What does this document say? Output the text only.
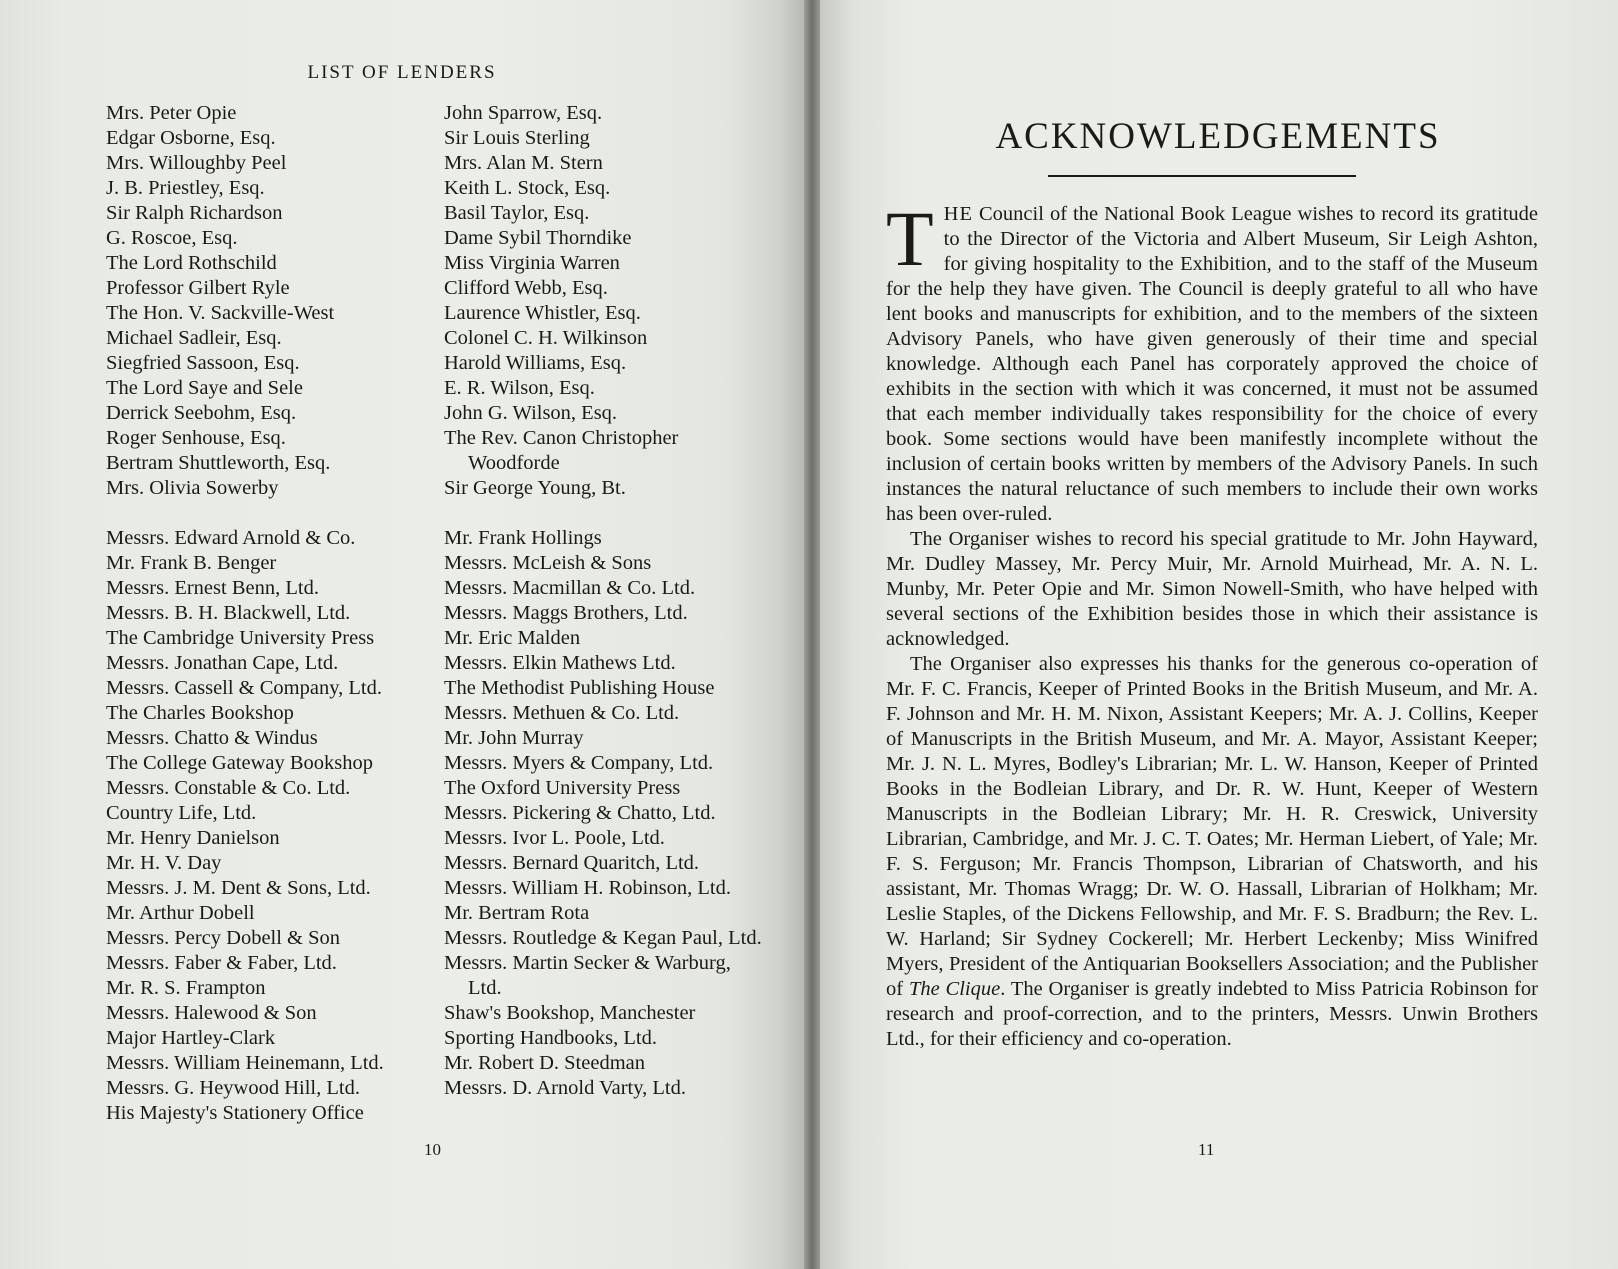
LIST OF LENDERS
Mrs. Peter Opie
Edgar Osborne, Esq.
Mrs. Willoughby Peel
J. B. Priestley, Esq.
Sir Ralph Richardson
G. Roscoe, Esq.
The Lord Rothschild
Professor Gilbert Ryle
The Hon. V. Sackville-West
Michael Sadleir, Esq.
Siegfried Sassoon, Esq.
The Lord Saye and Sele
Derrick Seebohm, Esq.
Roger Senhouse, Esq.
Bertram Shuttleworth, Esq.
Mrs. Olivia Sowerby
Messrs. Edward Arnold & Co.
Mr. Frank B. Benger
Messrs. Ernest Benn, Ltd.
Messrs. B. H. Blackwell, Ltd.
The Cambridge University Press
Messrs. Jonathan Cape, Ltd.
Messrs. Cassell & Company, Ltd.
The Charles Bookshop
Messrs. Chatto & Windus
The College Gateway Bookshop
Messrs. Constable & Co. Ltd.
Country Life, Ltd.
Mr. Henry Danielson
Mr. H. V. Day
Messrs. J. M. Dent & Sons, Ltd.
Mr. Arthur Dobell
Messrs. Percy Dobell & Son
Messrs. Faber & Faber, Ltd.
Mr. R. S. Frampton
Messrs. Halewood & Son
Major Hartley-Clark
Messrs. William Heinemann, Ltd.
Messrs. G. Heywood Hill, Ltd.
His Majesty's Stationery Office
John Sparrow, Esq.
Sir Louis Sterling
Mrs. Alan M. Stern
Keith L. Stock, Esq.
Basil Taylor, Esq.
Dame Sybil Thorndike
Miss Virginia Warren
Clifford Webb, Esq.
Laurence Whistler, Esq.
Colonel C. H. Wilkinson
Harold Williams, Esq.
E. R. Wilson, Esq.
John G. Wilson, Esq.
The Rev. Canon Christopher Woodforde
Sir George Young, Bt.
Mr. Frank Hollings
Messrs. McLeish & Sons
Messrs. Macmillan & Co. Ltd.
Messrs. Maggs Brothers, Ltd.
Mr. Eric Malden
Messrs. Elkin Mathews Ltd.
The Methodist Publishing House
Messrs. Methuen & Co. Ltd.
Mr. John Murray
Messrs. Myers & Company, Ltd.
The Oxford University Press
Messrs. Pickering & Chatto, Ltd.
Messrs. Ivor L. Poole, Ltd.
Messrs. Bernard Quaritch, Ltd.
Messrs. William H. Robinson, Ltd.
Mr. Bertram Rota
Messrs. Routledge & Kegan Paul, Ltd.
Messrs. Martin Secker & Warburg, Ltd.
Shaw's Bookshop, Manchester
Sporting Handbooks, Ltd.
Mr. Robert D. Steedman
Messrs. D. Arnold Varty, Ltd.
10
ACKNOWLEDGEMENTS

THE Council of the National Book League wishes to record its gratitude to the Director of the Victoria and Albert Museum, Sir Leigh Ashton, for giving hospitality to the Exhibition, and to the staff of the Museum for the help they have given. The Council is deeply grateful to all who have lent books and manuscripts for exhibition, and to the members of the sixteen Advisory Panels, who have given generously of their time and special knowledge. Although each Panel has corporately approved the choice of exhibits in the section with which it was concerned, it must not be assumed that each member individually takes responsibility for the choice of every book. Some sections would have been manifestly incomplete without the inclusion of certain books written by members of the Advisory Panels. In such instances the natural reluctance of such members to include their own works has been over-ruled.

The Organiser wishes to record his special gratitude to Mr. John Hayward, Mr. Dudley Massey, Mr. Percy Muir, Mr. Arnold Muirhead, Mr. A. N. L. Munby, Mr. Peter Opie and Mr. Simon Nowell-Smith, who have helped with several sections of the Exhibition besides those in which their assistance is acknowledged.

The Organiser also expresses his thanks for the generous co-operation of Mr. F. C. Francis, Keeper of Printed Books in the British Museum, and Mr. A. F. Johnson and Mr. H. M. Nixon, Assistant Keepers; Mr. A. J. Collins, Keeper of Manuscripts in the British Museum, and Mr. A. Mayor, Assistant Keeper; Mr. J. N. L. Myres, Bodley's Librarian; Mr. L. W. Hanson, Keeper of Printed Books in the Bodleian Library, and Dr. R. W. Hunt, Keeper of Western Manuscripts in the Bodleian Library; Mr. H. R. Creswick, University Librarian, Cambridge, and Mr. J. C. T. Oates; Mr. Herman Liebert, of Yale; Mr. F. S. Ferguson; Mr. Francis Thompson, Librarian of Chatsworth, and his assistant, Mr. Thomas Wragg; Dr. W. O. Hassall, Librarian of Holkham; Mr. Leslie Staples, of the Dickens Fellowship, and Mr. F. S. Bradburn; the Rev. L. W. Harland; Sir Sydney Cockerell; Mr. Herbert Leckenby; Miss Winifred Myers, President of the Antiquarian Booksellers Association; and the Publisher of The Clique. The Organiser is greatly indebted to Miss Patricia Robinson for research and proof-correction, and to the printers, Messrs. Unwin Brothers Ltd., for their efficiency and co-operation.

11
